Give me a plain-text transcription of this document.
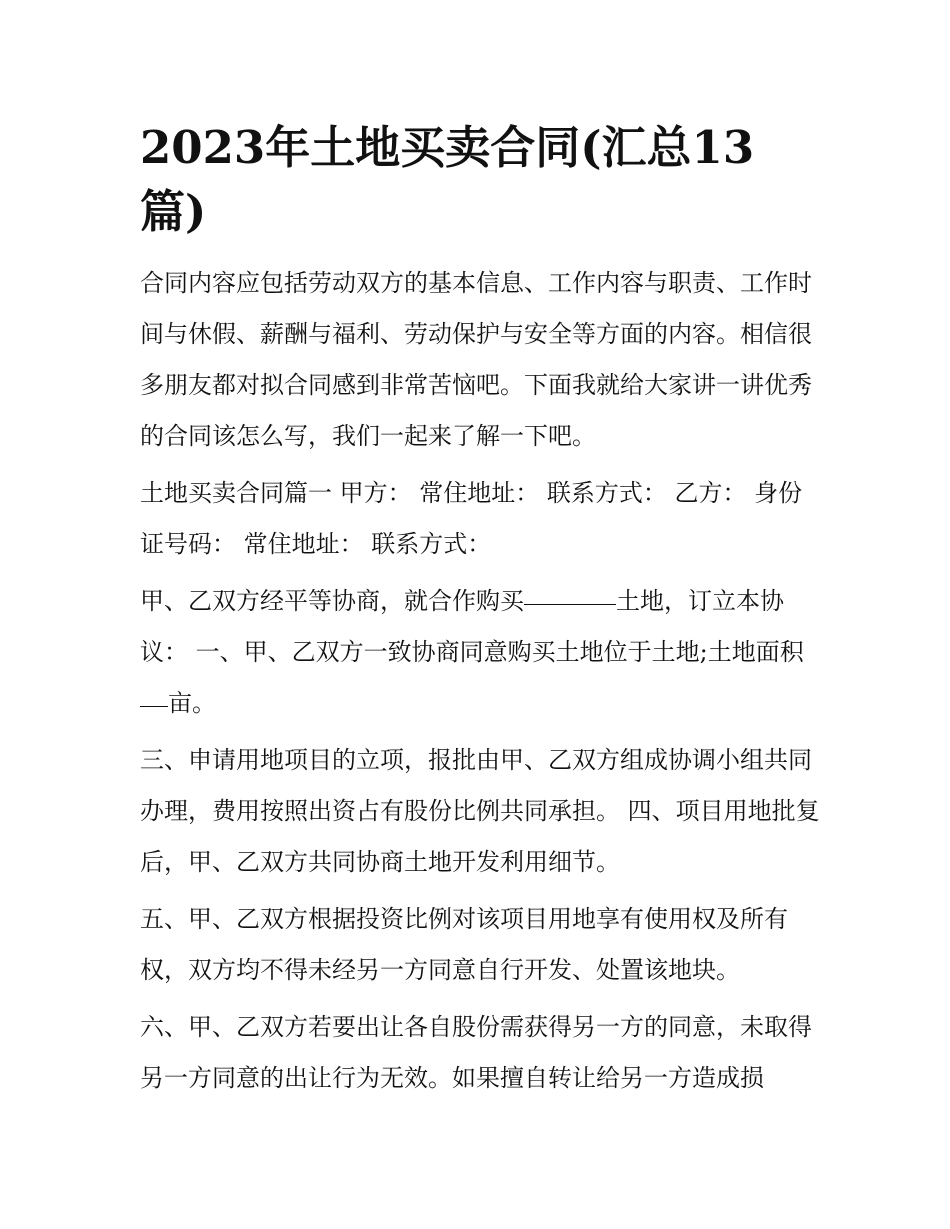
2023年土地买卖合同(汇总13篇)

合同内容应包括劳动双方的基本信息、工作内容与职责、工作时间与休假、薪酬与福利、劳动保护与安全等方面的内容。相信很多朋友都对拟合同感到非常苦恼吧。下面我就给大家讲一讲优秀的合同该怎么写，我们一起来了解一下吧。

土地买卖合同篇一 甲方： 常住地址： 联系方式： 乙方： 身份证号码： 常住地址： 联系方式：

甲、乙双方经平等协商，就合作购买	土地，订立本协议： 一、甲、乙双方一致协商同意购买土地位于土地;土地面积亩。

三、申请用地项目的立项，报批由甲、乙双方组成协调小组共同办理，费用按照出资占有股份比例共同承担。 四、项目用地批复后，甲、乙双方共同协商土地开发利用细节。

五、甲、乙双方根据投资比例对该项目用地享有使用权及所有权，双方均不得未经另一方同意自行开发、处置该地块。

六、甲、乙双方若要出让各自股份需获得另一方的同意，未取得另一方同意的出让行为无效。如果擅自转让给另一方造成损
